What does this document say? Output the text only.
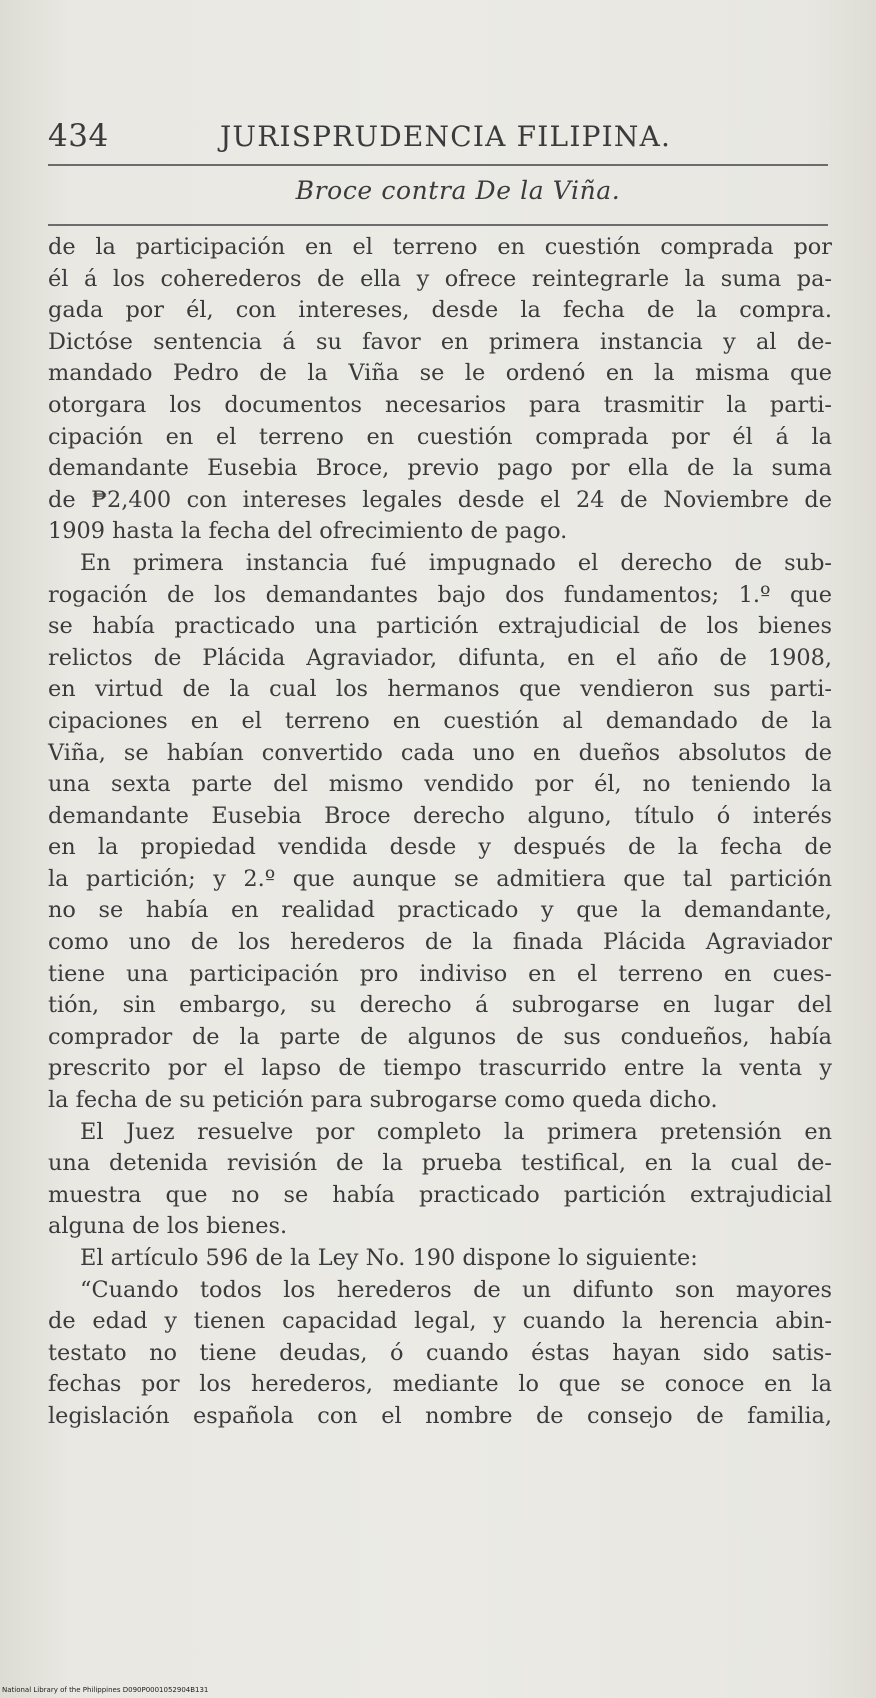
434	JURISPRUDENCIA FILIPINA.
Broce contra De la Viña.

de la participación en el terreno en cuestión comprada por

él á los coherederos de ella y ofrece reintegrarle la suma pa-

gada por él, con intereses, desde la fecha de la compra.

Dictóse sentencia á su favor en primera instancia y al de-

mandado Pedro de la Viña se le ordenó en la misma que

otorgara los documentos necesarios para trasmitir la parti-

cipación en el terreno en cuestión comprada por él á la

demandante Eusebia Broce, previo pago por ella de la suma

de ₱2,400 con intereses legales desde el 24 de Noviembre de

1909 hasta la fecha del ofrecimiento de pago.

En primera instancia fué impugnado el derecho de sub-

rogación de los demandantes bajo dos fundamentos; 1.º que

se había practicado una partición extrajudicial de los bienes

relictos de Plácida Agraviador, difunta, en el año de 1908,

en virtud de la cual los hermanos que vendieron sus parti-

cipaciones en el terreno en cuestión al demandado de la

Viña, se habían convertido cada uno en dueños absolutos de

una sexta parte del mismo vendido por él, no teniendo la

demandante Eusebia Broce derecho alguno, título ó interés

en la propiedad vendida desde y después de la fecha de

la partición; y 2.º que aunque se admitiera que tal partición

no se había en realidad practicado y que la demandante,

como uno de los herederos de la finada Plácida Agraviador

tiene una participación pro indiviso en el terreno en cues-

tión, sin embargo, su derecho á subrogarse en lugar del

comprador de la parte de algunos de sus condueños, había

prescrito por el lapso de tiempo trascurrido entre la venta y

la fecha de su petición para subrogarse como queda dicho.

El Juez resuelve por completo la primera pretensión en

una detenida revisión de la prueba testifical, en la cual de-

muestra que no se había practicado partición extrajudicial

alguna de los bienes.

El artículo 596 de la Ley No. 190 dispone lo siguiente:

“Cuando todos los herederos de un difunto son mayores

de edad y tienen capacidad legal, y cuando la herencia abin-

testato no tiene deudas, ó cuando éstas hayan sido satis-

fechas por los herederos, mediante lo que se conoce en la

legislación española con el nombre de consejo de familia,

National Library of the Philippines D090P0001052904B131
